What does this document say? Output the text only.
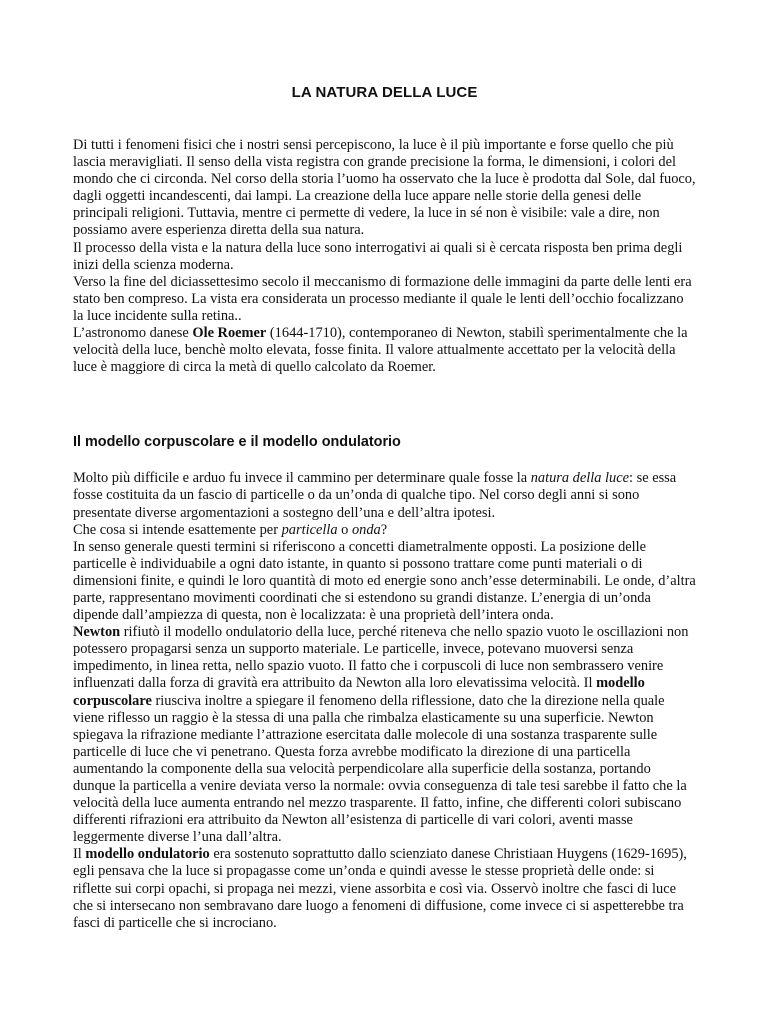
LA NATURA DELLA LUCE

Di tutti i fenomeni fisici che i nostri sensi percepiscono, la luce è il più importante e forse quello che più lascia meravigliati. Il senso della vista registra con grande precisione la forma, le dimensioni, i colori del mondo che ci circonda. Nel corso della storia l’uomo ha osservato che la luce è prodotta dal Sole, dal fuoco, dagli oggetti incandescenti, dai lampi. La creazione della luce appare nelle storie della genesi delle principali religioni. Tuttavia, mentre ci permette di vedere, la luce in sé non è visibile: vale a dire, non possiamo avere esperienza diretta della sua natura.

Il processo della vista e la natura della luce sono interrogativi ai quali si è cercata risposta ben prima degli inizi della scienza moderna.

Verso la fine del diciassettesimo secolo il meccanismo di formazione delle immagini da parte delle lenti era stato ben compreso. La vista era considerata un processo mediante il quale le lenti dell’occhio focalizzano la luce incidente sulla retina..

L’astronomo danese Ole Roemer (1644-1710), contemporaneo di Newton, stabilì sperimentalmente che la velocità della luce, benchè molto elevata, fosse finita. Il valore attualmente accettato per la velocità della luce è maggiore di circa la metà di quello calcolato da Roemer.

Il modello corpuscolare e il modello ondulatorio

Molto più difficile e arduo fu invece il cammino per determinare quale fosse la natura della luce: se essa fosse costituita da un fascio di particelle o da un’onda di qualche tipo. Nel corso degli anni si sono presentate diverse argomentazioni a sostegno dell’una e dell’altra ipotesi.

Che cosa si intende esattemente per particella o onda?

In senso generale questi termini si riferiscono a concetti diametralmente opposti. La posizione delle particelle è individuabile a ogni dato istante, in quanto si possono trattare come punti materiali o di dimensioni finite, e quindi le loro quantità di moto ed energie sono anch’esse determinabili. Le onde, d’altra parte, rappresentano movimenti coordinati che si estendono su grandi distanze. L’energia di un’onda dipende dall’ampiezza di questa, non è localizzata: è una proprietà dell’intera onda.

Newton rifiutò il modello ondulatorio della luce, perché riteneva che nello spazio vuoto le oscillazioni non potessero propagarsi senza un supporto materiale. Le particelle, invece, potevano muoversi senza impedimento, in linea retta, nello spazio vuoto. Il fatto che i corpuscoli di luce non sembrassero venire influenzati dalla forza di gravità era attribuito da Newton alla loro elevatissima velocità. Il modello corpuscolare riusciva inoltre a spiegare il fenomeno della riflessione, dato che la direzione nella quale viene riflesso un raggio è la stessa di una palla che rimbalza elasticamente su una superficie. Newton spiegava la rifrazione mediante l’attrazione esercitata dalle molecole di una sostanza trasparente sulle particelle di luce che vi penetrano. Questa forza avrebbe modificato la direzione di una particella aumentando la componente della sua velocità perpendicolare alla superficie della sostanza, portando dunque la particella a venire deviata verso la normale: ovvia conseguenza di tale tesi sarebbe il fatto che la velocità della luce aumenta entrando nel mezzo trasparente. Il fatto, infine, che differenti colori subiscano differenti rifrazioni era attribuito da Newton all’esistenza di particelle di vari colori, aventi masse leggermente diverse l’una dall’altra.

Il modello ondulatorio era sostenuto soprattutto dallo scienziato danese Christiaan Huygens (1629-1695), egli pensava che la luce si propagasse come un’onda e quindi avesse le stesse proprietà delle onde: si riflette sui corpi opachi, si propaga nei mezzi, viene assorbita e così via. Osservò inoltre che fasci di luce che si intersecano non sembravano dare luogo a fenomeni di diffusione, come invece ci si aspetterebbe tra fasci di particelle che si incrociano.
